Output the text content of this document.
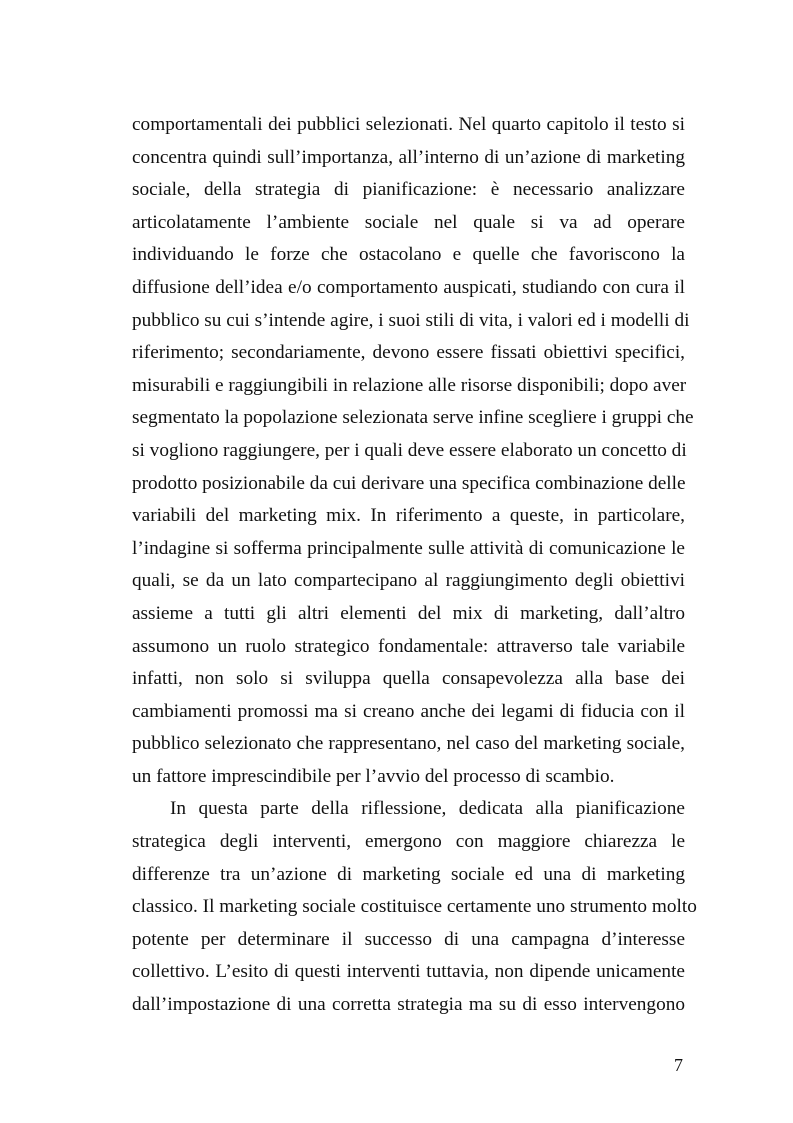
comportamentali dei pubblici selezionati. Nel quarto capitolo il testo si
concentra quindi sull’importanza, all’interno di un’azione di marketing
sociale, della strategia di pianificazione: è necessario analizzare
articolatamente l’ambiente sociale nel quale si va ad operare
individuando le forze che ostacolano e quelle che favoriscono la
diffusione dell’idea e/o comportamento auspicati, studiando con cura il
pubblico su cui s’intende agire, i suoi stili di vita, i valori ed i modelli di
riferimento; secondariamente, devono essere fissati obiettivi specifici,
misurabili e raggiungibili in relazione alle risorse disponibili; dopo aver
segmentato la popolazione selezionata serve infine scegliere i gruppi che
si vogliono raggiungere, per i quali deve essere elaborato un concetto di
prodotto posizionabile da cui derivare una specifica combinazione delle
variabili del marketing mix. In riferimento a queste, in particolare,
l’indagine si sofferma principalmente sulle attività di comunicazione le
quali, se da un lato compartecipano al raggiungimento degli obiettivi
assieme a tutti gli altri elementi del mix di marketing, dall’altro
assumono un ruolo strategico fondamentale: attraverso tale variabile
infatti, non solo si sviluppa quella consapevolezza alla base dei
cambiamenti promossi ma si creano anche dei legami di fiducia con il
pubblico selezionato che rappresentano, nel caso del marketing sociale,
un fattore imprescindibile per l’avvio del processo di scambio.
In questa parte della riflessione, dedicata alla pianificazione
strategica degli interventi, emergono con maggiore chiarezza le
differenze tra un’azione di marketing sociale ed una di marketing
classico. Il marketing sociale costituisce certamente uno strumento molto
potente per determinare il successo di una campagna d’interesse
collettivo. L’esito di questi interventi tuttavia, non dipende unicamente
dall’impostazione di una corretta strategia ma su di esso intervengono
7
